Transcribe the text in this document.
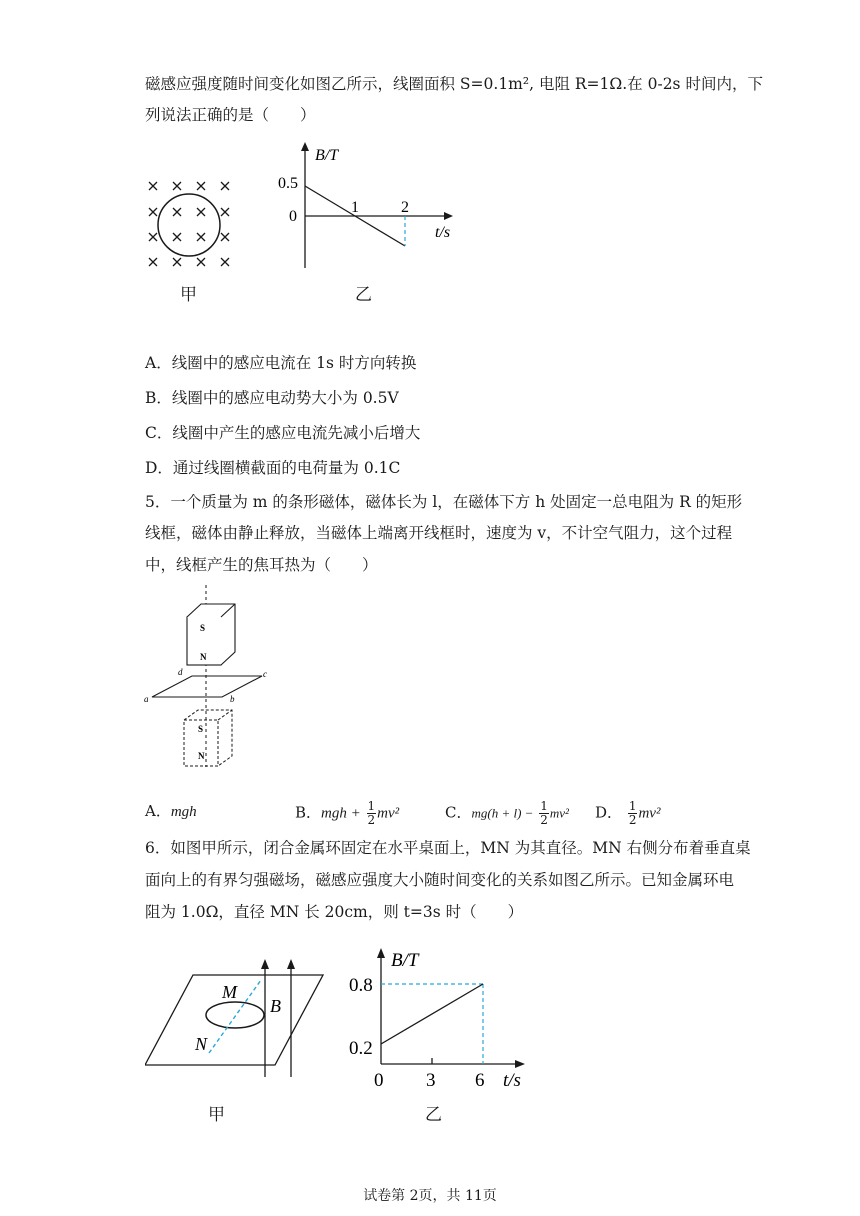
磁感应强度随时间变化如图乙所示，线圈面积 S=0.1m², 电阻 R=1Ω.在 0-2s 时间内，下
列说法正确的是（　　）
甲
B/T
t/s
0.5
0
1	2
乙
A．线圈中的感应电流在 1s 时方向转换
B．线圈中的感应电动势大小为 0.5V
C．线圈中产生的感应电流先减小后增大
D．通过线圈横截面的电荷量为 0.1C
5．一个质量为 m 的条形磁体，磁体长为 l，在磁体下方 h 处固定一总电阻为 R 的矩形
线框，磁体由静止释放，当磁体上端离开线框时，速度为 v，不计空气阻力，这个过程
中，线框产生的焦耳热为（　　）
S
N
a	b
c
d
S
N
A．mgh	B．mgh + $\frac{1}{2} mv^2$	C．$mg(h + l) - \frac{1}{2} mv^2$ D． $\frac{1}{2} mv^2$
6．如图甲所示，闭合金属环固定在水平桌面上，MN 为其直径。MN 右侧分布着垂直桌
面向上的有界匀强磁场，磁感应强度大小随时间变化的关系如图乙所示。已知金属环电
阻为 1.0Ω，直径 MN 长 20cm，则 t=3s 时（　　）
M
N
B
甲
B/T
t/s
0.8
0.2
0 3 6
乙
试卷第 2页，共 11页
